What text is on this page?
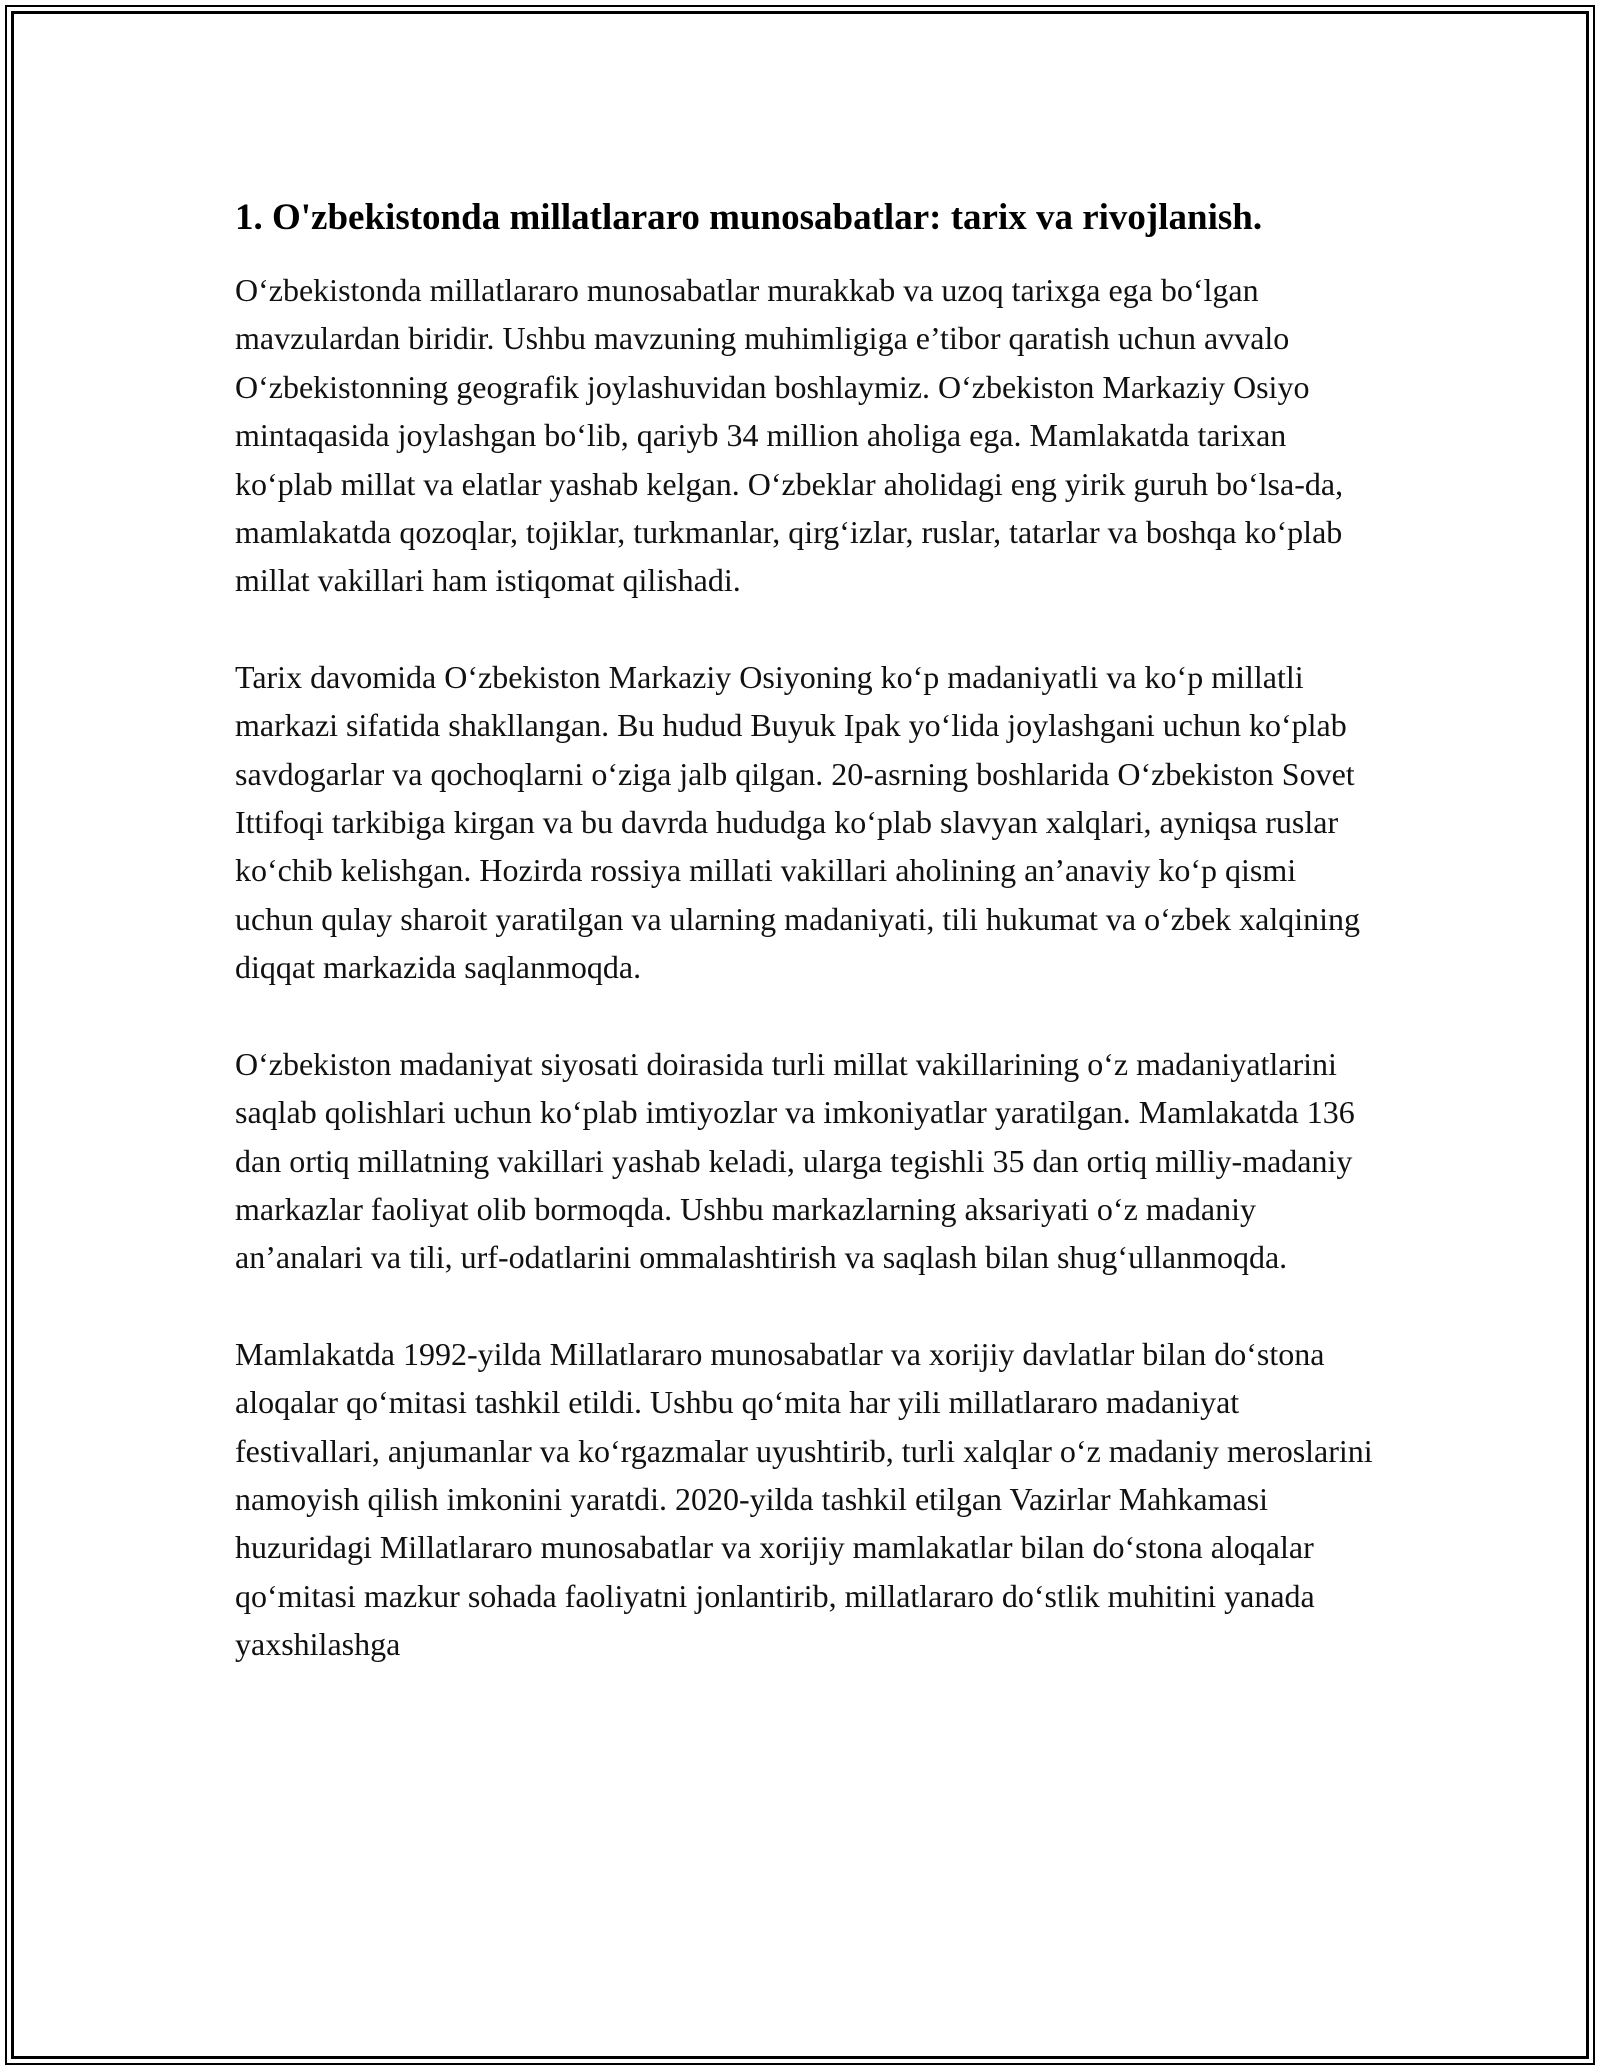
1. O'zbekistonda millatlararo munosabatlar: tarix va rivojlanish.

O‘zbekistonda millatlararo munosabatlar murakkab va uzoq tarixga ega bo‘lgan mavzulardan biridir. Ushbu mavzuning muhimligiga e’tibor qaratish uchun avvalo O‘zbekistonning geografik joylashuvidan boshlaymiz. O‘zbekiston Markaziy Osiyo mintaqasida joylashgan bo‘lib, qariyb 34 million aholiga ega. Mamlakatda tarixan ko‘plab millat va elatlar yashab kelgan. O‘zbeklar aholidagi eng yirik guruh bo‘lsa-da, mamlakatda qozoqlar, tojiklar, turkmanlar, qirg‘izlar, ruslar, tatarlar va boshqa ko‘plab millat vakillari ham istiqomat qilishadi.

Tarix davomida O‘zbekiston Markaziy Osiyoning ko‘p madaniyatli va ko‘p millatli markazi sifatida shakllangan. Bu hudud Buyuk Ipak yo‘lida joylashgani uchun ko‘plab savdogarlar va qochoqlarni o‘ziga jalb qilgan. 20-asrning boshlarida O‘zbekiston Sovet Ittifoqi tarkibiga kirgan va bu davrda hududga ko‘plab slavyan xalqlari, ayniqsa ruslar ko‘chib kelishgan. Hozirda rossiya millati vakillari aholining an’anaviy ko‘p qismi uchun qulay sharoit yaratilgan va ularning madaniyati, tili hukumat va o‘zbek xalqining diqqat markazida saqlanmoqda.

O‘zbekiston madaniyat siyosati doirasida turli millat vakillarining o‘z madaniyatlarini saqlab qolishlari uchun ko‘plab imtiyozlar va imkoniyatlar yaratilgan. Mamlakatda 136 dan ortiq millatning vakillari yashab keladi, ularga tegishli 35 dan ortiq milliy-madaniy markazlar faoliyat olib bormoqda. Ushbu markazlarning aksariyati o‘z madaniy an’analari va tili, urf-odatlarini ommalashtirish va saqlash bilan shug‘ullanmoqda.

Mamlakatda 1992-yilda Millatlararo munosabatlar va xorijiy davlatlar bilan do‘stona aloqalar qo‘mitasi tashkil etildi. Ushbu qo‘mita har yili millatlararo madaniyat festivallari, anjumanlar va ko‘rgazmalar uyushtirib, turli xalqlar o‘z madaniy meroslarini namoyish qilish imkonini yaratdi. 2020-yilda tashkil etilgan Vazirlar Mahkamasi huzuridagi Millatlararo munosabatlar va xorijiy mamlakatlar bilan do‘stona aloqalar qo‘mitasi mazkur sohada faoliyatni jonlantirib, millatlararo do‘stlik muhitini yanada yaxshilashga
